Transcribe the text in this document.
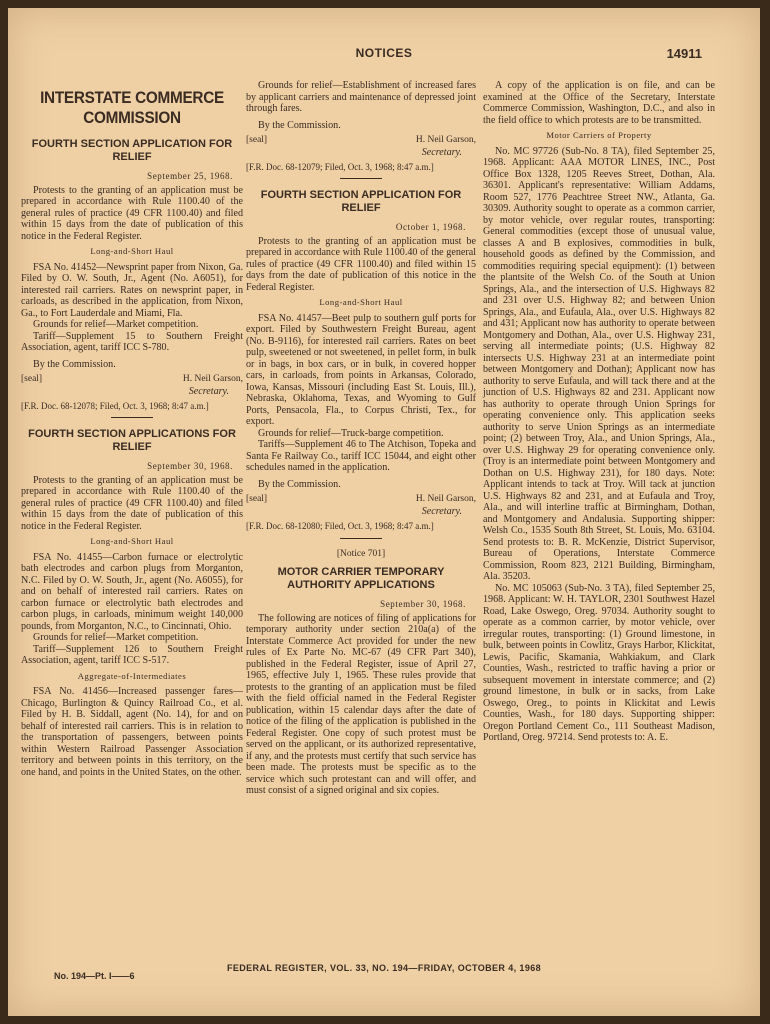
NOTICES	14911
INTERSTATE COMMERCE COMMISSION
FOURTH SECTION APPLICATION FOR RELIEF
September 25, 1968.

Protests to the granting of an application must be prepared in accordance with Rule 1100.40 of the general rules of practice (49 CFR 1100.40) and filed within 15 days from the date of publication of this notice in the Federal Register.

Long-and-Short Haul

FSA No. 41452—Newsprint paper from Nixon, Ga. Filed by O. W. South, Jr., Agent (No. A6051), for interested rail carriers. Rates on newsprint paper, in carloads, as described in the application, from Nixon, Ga., to Fort Lauderdale and Miami, Fla.

Grounds for relief—Market competition.

Tariff—Supplement 15 to Southern Freight Association, agent, tariff ICC S-780.

By the Commission.

[seal]	H. Neil Garson,
Secretary.
[F.R. Doc. 68-12078; Filed, Oct. 3, 1968; 8:47 a.m.]
FOURTH SECTION APPLICATIONS FOR RELIEF
September 30, 1968.

Protests to the granting of an application must be prepared in accordance with Rule 1100.40 of the general rules of practice (49 CFR 1100.40) and filed within 15 days from the date of publication of this notice in the Federal Register.

Long-and-Short Haul

FSA No. 41455—Carbon furnace or electrolytic bath electrodes and carbon plugs from Morganton, N.C. Filed by O. W. South, Jr., agent (No. A6055), for and on behalf of interested rail carriers. Rates on carbon furnace or electrolytic bath electrodes and carbon plugs, in carloads, minimum weight 140,000 pounds, from Morganton, N.C., to Cincinnati, Ohio.

Grounds for relief—Market competition.

Tariff—Supplement 126 to Southern Freight Association, agent, tariff ICC S-517.

Aggregate-of-Intermediates

FSA No. 41456—Increased passenger fares—Chicago, Burlington & Quincy Railroad Co., et al. Filed by H. B. Siddall, agent (No. 14), for and on behalf of interested rail carriers. This is in relation to the transportation of passengers, between points within Western Railroad Passenger Association territory and between points in this territory, on the one hand, and points in the United States, on the other.

Grounds for relief—Establishment of increased fares by applicant carriers and maintenance of depressed joint through fares.

By the Commission.

[seal]	H. Neil Garson,
Secretary.
[F.R. Doc. 68-12079; Filed, Oct. 3, 1968; 8:47 a.m.]
FOURTH SECTION APPLICATION FOR RELIEF
October 1, 1968.

Protests to the granting of an application must be prepared in accordance with Rule 1100.40 of the general rules of practice (49 CFR 1100.40) and filed within 15 days from the date of publication of this notice in the Federal Register.

Long-and-Short Haul

FSA No. 41457—Beet pulp to southern gulf ports for export. Filed by Southwestern Freight Bureau, agent (No. B-9116), for interested rail carriers. Rates on beet pulp, sweetened or not sweetened, in pellet form, in bulk or in bags, in box cars, or in bulk, in covered hopper cars, in carloads, from points in Arkansas, Colorado, Iowa, Kansas, Missouri (including East St. Louis, Ill.), Nebraska, Oklahoma, Texas, and Wyoming to Gulf Ports, Pensacola, Fla., to Corpus Christi, Tex., for export.

Grounds for relief—Truck-barge competition.

Tariffs—Supplement 46 to The Atchison, Topeka and Santa Fe Railway Co., tariff ICC 15044, and eight other schedules named in the application.

By the Commission.

[seal]	H. Neil Garson,
Secretary.
[F.R. Doc. 68-12080; Filed, Oct. 3, 1968; 8:47 a.m.]
[Notice 701]
MOTOR CARRIER TEMPORARY AUTHORITY APPLICATIONS
September 30, 1968.

The following are notices of filing of applications for temporary authority under section 210a(a) of the Interstate Commerce Act provided for under the new rules of Ex Parte No. MC-67 (49 CFR Part 340), published in the Federal Register, issue of April 27, 1965, effective July 1, 1965. These rules provide that protests to the granting of an application must be filed with the field official named in the Federal Register publication, within 15 calendar days after the date of notice of the filing of the application is published in the Federal Register. One copy of such protest must be served on the applicant, or its authorized representative, if any, and the protests must certify that such service has been made. The protests must be specific as to the service which such protestant can and will offer, and must consist of a signed original and six copies.

A copy of the application is on file, and can be examined at the Office of the Secretary, Interstate Commerce Commission, Washington, D.C., and also in the field office to which protests are to be transmitted.

Motor Carriers of Property

No. MC 97726 (Sub-No. 8 TA), filed September 25, 1968. Applicant: AAA MOTOR LINES, INC., Post Office Box 1328, 1205 Reeves Street, Dothan, Ala. 36301. Applicant's representative: William Addams, Room 527, 1776 Peachtree Street NW., Atlanta, Ga. 30309. Authority sought to operate as a common carrier, by motor vehicle, over regular routes, transporting: General commodities (except those of unusual value, classes A and B explosives, commodities in bulk, household goods as defined by the Commission, and commodities requiring special equipment): (1) between the plantsite of the Welsh Co. of the South at Union Springs, Ala., and the intersection of U.S. Highways 82 and 231 over U.S. Highway 82; and between Union Springs, Ala., and Eufaula, Ala., over U.S. Highways 82 and 431; Applicant now has authority to operate between Montgomery and Dothan, Ala., over U.S. Highway 231, serving all intermediate points; (U.S. Highway 82 intersects U.S. Highway 231 at an intermediate point between Montgomery and Dothan); Applicant now has authority to serve Eufaula, and will tack there and at the junction of U.S. Highways 82 and 231. Applicant now has authority to operate through Union Springs for operating convenience only. This application seeks authority to serve Union Springs as an intermediate point; (2) between Troy, Ala., and Union Springs, Ala., over U.S. Highway 29 for operating convenience only. (Troy is an intermediate point between Montgomery and Dothan on U.S. Highway 231), for 180 days. Note: Applicant intends to tack at Troy. Will tack at junction U.S. Highways 82 and 231, and at Eufaula and Troy, Ala., and will interline traffic at Birmingham, Dothan, and Montgomery and Andalusia. Supporting shipper: Welsh Co., 1535 South 8th Street, St. Louis, Mo. 63104. Send protests to: B. R. McKenzie, District Supervisor, Bureau of Operations, Interstate Commerce Commission, Room 823, 2121 Building, Birmingham, Ala. 35203.

No. MC 105063 (Sub-No. 3 TA), filed September 25, 1968. Applicant: W. H. TAYLOR, 2301 Southwest Hazel Road, Lake Oswego, Oreg. 97034. Authority sought to operate as a common carrier, by motor vehicle, over irregular routes, transporting: (1) Ground limestone, in bulk, between points in Cowlitz, Grays Harbor, Klickitat, Lewis, Pacific, Skamania, Wahkiakum, and Clark Counties, Wash., restricted to traffic having a prior or subsequent movement in interstate commerce; and (2) ground limestone, in bulk or in sacks, from Lake Oswego, Oreg., to points in Klickitat and Lewis Counties, Wash., for 180 days. Supporting shipper: Oregon Portland Cement Co., 111 Southeast Madison, Portland, Oreg. 97214. Send protests to: A. E.

FEDERAL REGISTER, VOL. 33, NO. 194—FRIDAY, OCTOBER 4, 1968
No. 194—Pt. I——6
